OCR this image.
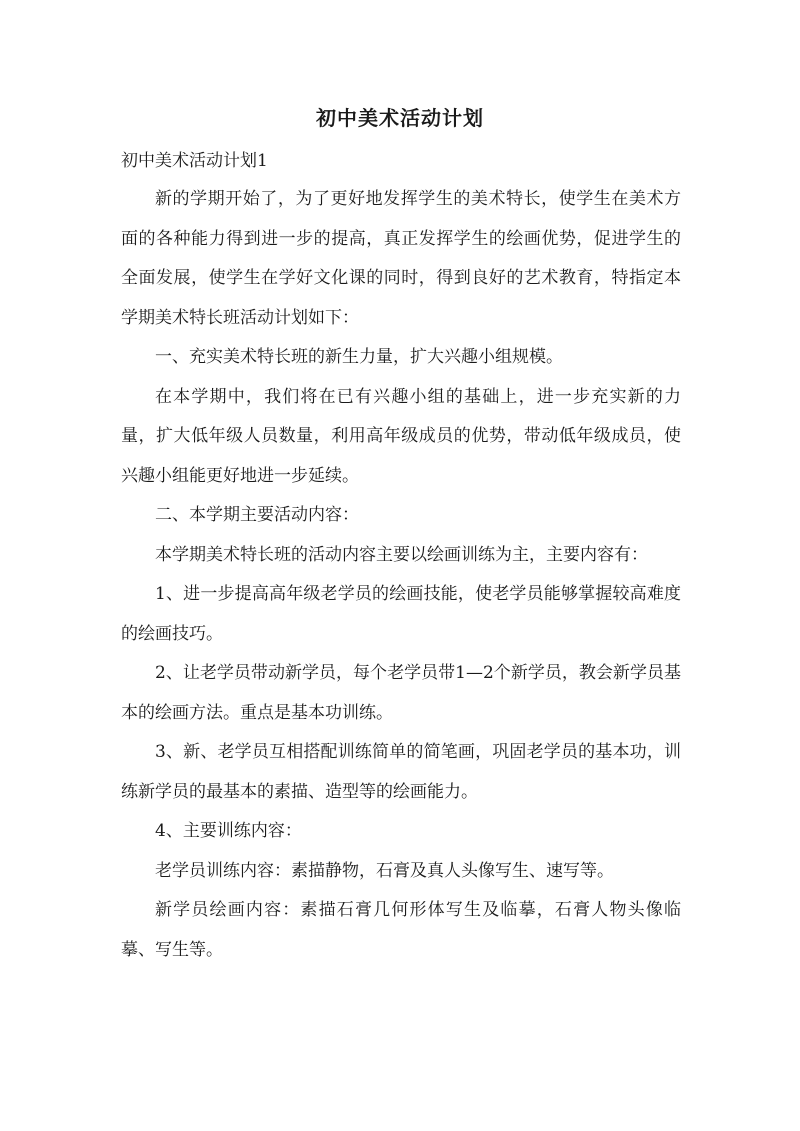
初中美术活动计划
初中美术活动计划1

新的学期开始了，为了更好地发挥学生的美术特长，使学生在美术方面的各种能力得到进一步的提高，真正发挥学生的绘画优势，促进学生的全面发展，使学生在学好文化课的同时，得到良好的艺术教育，特指定本学期美术特长班活动计划如下：

一、充实美术特长班的新生力量，扩大兴趣小组规模。

在本学期中，我们将在已有兴趣小组的基础上，进一步充实新的力量，扩大低年级人员数量，利用高年级成员的优势，带动低年级成员，使兴趣小组能更好地进一步延续。

二、本学期主要活动内容：

本学期美术特长班的活动内容主要以绘画训练为主，主要内容有：

1、进一步提高高年级老学员的绘画技能，使老学员能够掌握较高难度的绘画技巧。

2、让老学员带动新学员，每个老学员带1—2个新学员，教会新学员基本的绘画方法。重点是基本功训练。

3、新、老学员互相搭配训练简单的简笔画，巩固老学员的基本功，训练新学员的最基本的素描、造型等的绘画能力。

4、主要训练内容：

老学员训练内容：素描静物，石膏及真人头像写生、速写等。

新学员绘画内容：素描石膏几何形体写生及临摹，石膏人物头像临摹、写生等。
